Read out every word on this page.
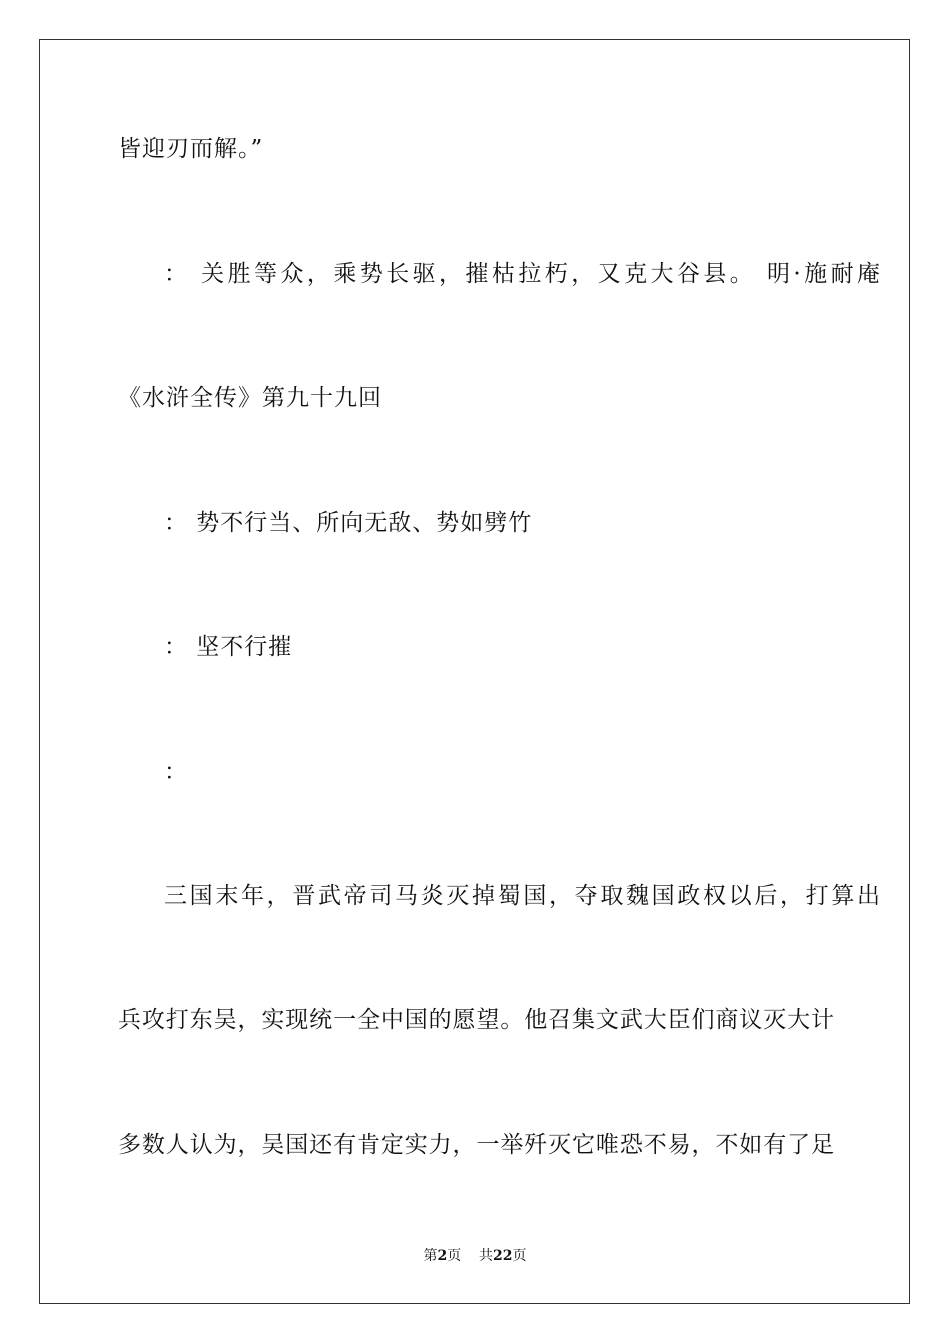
皆迎刃而解。”
： 关胜等众，乘势长驱，摧枯拉朽，又克大谷县。 明·施耐庵
《水浒全传》第九十九回
： 势不行当、所向无敌、势如劈竹
： 坚不行摧
：
三国末年，晋武帝司马炎灭掉蜀国，夺取魏国政权以后，打算出
兵攻打东吴，实现统一全中国的愿望。他召集文武大臣们商议灭大计
多数人认为，吴国还有肯定实力，一举歼灭它唯恐不易，不如有了足
第2页 共22页
